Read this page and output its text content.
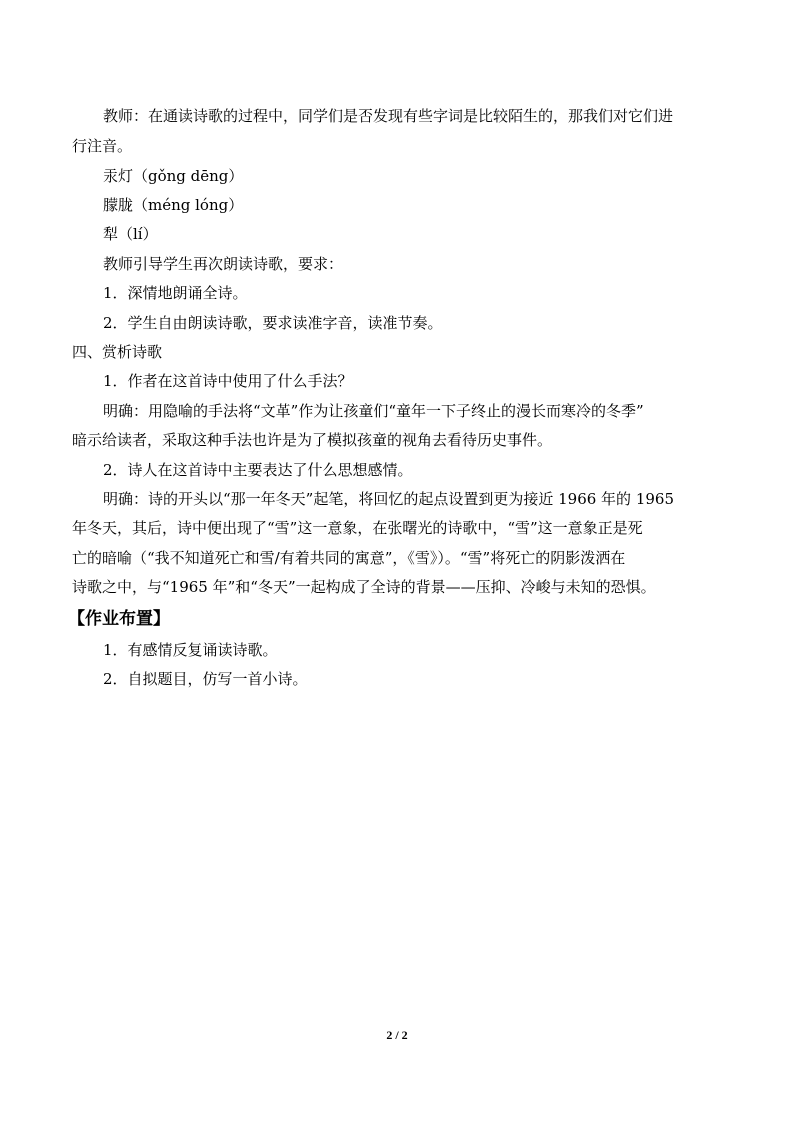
教师：在通读诗歌的过程中，同学们是否发现有些字词是比较陌生的，那我们对它们进
行注音。
汞灯（gǒng dēng）
朦胧（méng lóng）
犁（lí）
教师引导学生再次朗读诗歌，要求：
1．深情地朗诵全诗。
2．学生自由朗读诗歌，要求读准字音，读准节奏。
四、赏析诗歌
1．作者在这首诗中使用了什么手法？
明确：用隐喻的手法将“文革”作为让孩童们“童年一下子终止的漫长而寒冷的冬季”
暗示给读者，采取这种手法也许是为了模拟孩童的视角去看待历史事件。
2．诗人在这首诗中主要表达了什么思想感情。
明确：诗的开头以“那一年冬天”起笔，将回忆的起点设置到更为接近 1966 年的 1965
年冬天，其后，诗中便出现了“雪”这一意象，在张曙光的诗歌中，“雪”这一意象正是死
亡的暗喻（“我不知道死亡和雪/有着共同的寓意”，《雪》）。“雪”将死亡的阴影泼洒在
诗歌之中，与“1965 年”和“冬天”一起构成了全诗的背景——压抑、冷峻与未知的恐惧。
【作业布置】
1．有感情反复诵读诗歌。
2．自拟题目，仿写一首小诗。
2 / 2
